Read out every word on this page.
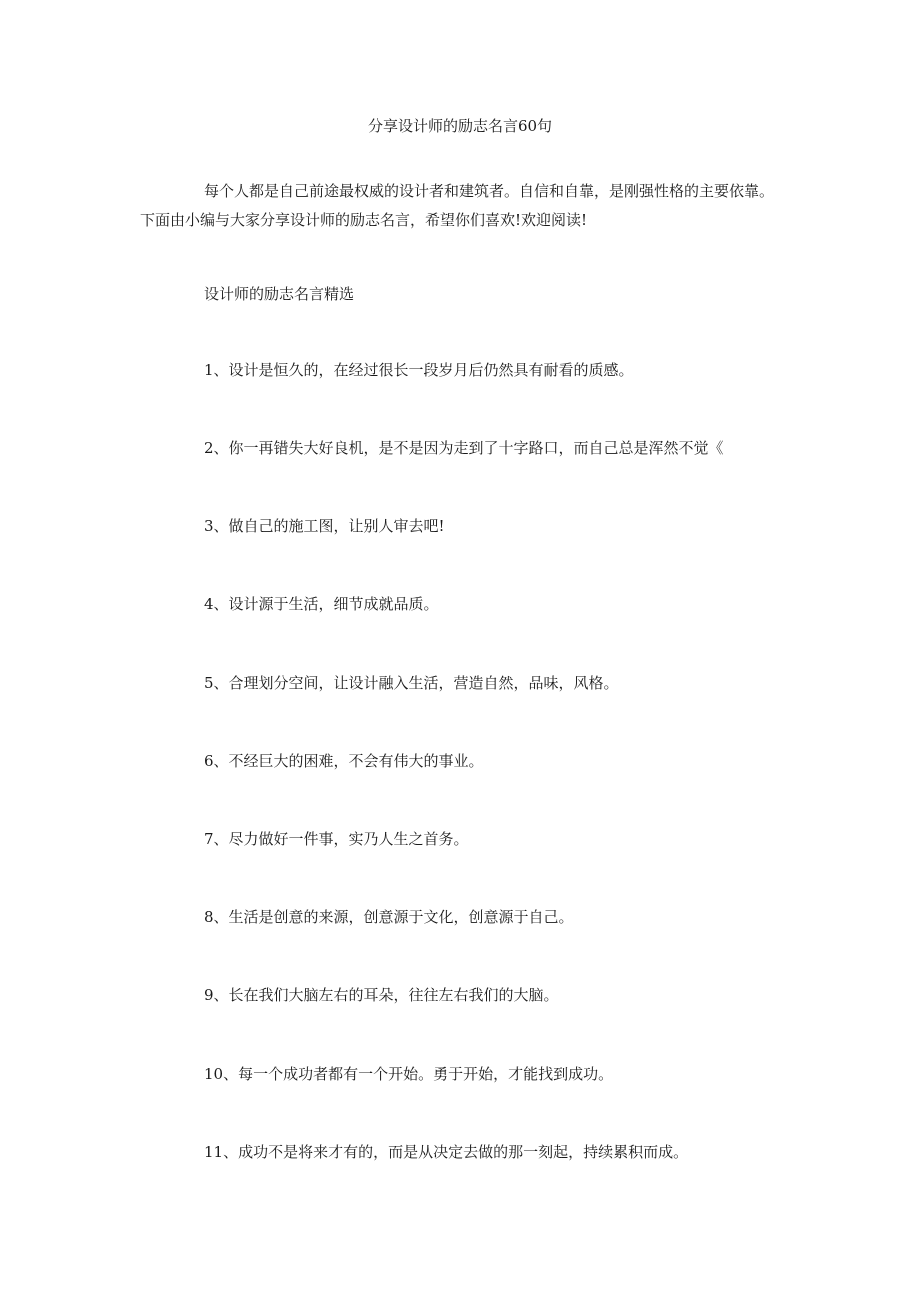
分享设计师的励志名言60句

每个人都是自己前途最权威的设计者和建筑者。自信和自靠，是刚强性格的主要依靠。下面由小编与大家分享设计师的励志名言，希望你们喜欢!欢迎阅读!

设计师的励志名言精选
1、设计是恒久的，在经过很长一段岁月后仍然具有耐看的质感。
2、你一再错失大好良机，是不是因为走到了十字路口，而自己总是浑然不觉《
3、做自己的施工图，让别人审去吧!
4、设计源于生活，细节成就品质。
5、合理划分空间，让设计融入生活，营造自然，品味，风格。
6、不经巨大的困难，不会有伟大的事业。
7、尽力做好一件事，实乃人生之首务。
8、生活是创意的来源，创意源于文化，创意源于自己。
9、长在我们大脑左右的耳朵，往往左右我们的大脑。
10、每一个成功者都有一个开始。勇于开始，才能找到成功。
11、成功不是将来才有的，而是从决定去做的那一刻起，持续累积而成。
